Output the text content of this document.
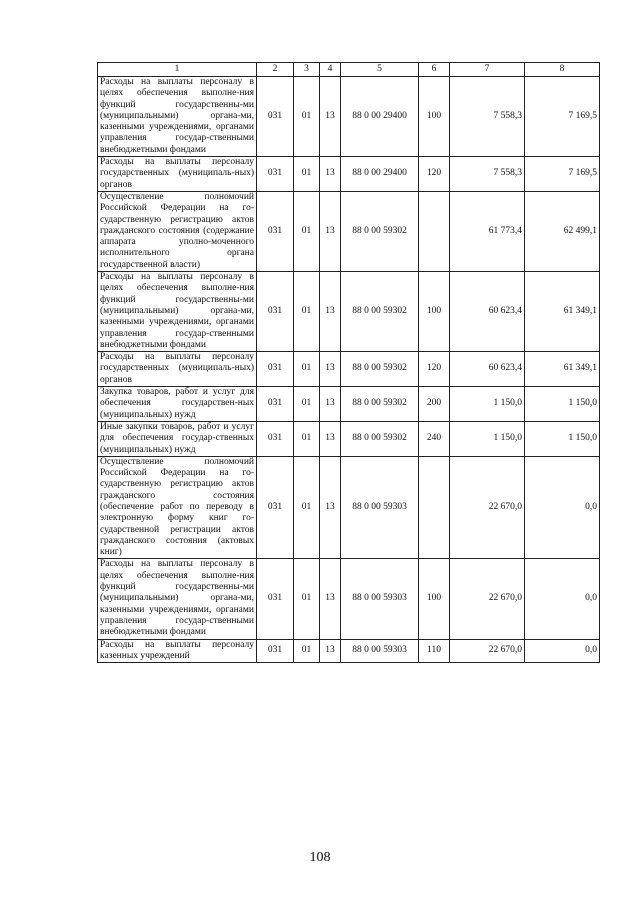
1	2	3	4	5	6	7	8
Расходы на выплаты персоналу в целях обеспечения выполне-ния функций государственны-ми (муниципальными) органа-ми, казенными учреждениями, органами управления государ-ственными внебюджетными фондами	031	01	13	88 0 00 29400	100	7 558,3	7 169,5
Расходы на выплаты персоналу государственных (муниципаль-ных) органов	031	01	13	88 0 00 29400	120	7 558,3	7 169,5
Осуществление полномочий Российской Федерации на го-сударственную регистрацию актов гражданского состояния (содержание аппарата уполно-моченного исполнительного органа государственной власти)	031	01	13	88 0 00 59302		61 773,4	62 499,1
Расходы на выплаты персоналу в целях обеспечения выполне-ния функций государственны-ми (муниципальными) органа-ми, казенными учреждениями, органами управления государ-ственными внебюджетными фондами	031	01	13	88 0 00 59302	100	60 623,4	61 349,1
Расходы на выплаты персоналу государственных (муниципаль-ных) органов	031	01	13	88 0 00 59302	120	60 623,4	61 349,1
Закупка товаров, работ и услуг для обеспечения государствен-ных (муниципальных) нужд	031	01	13	88 0 00 59302	200	1 150,0	1 150,0
Иные закупки товаров, работ и услуг для обеспечения государ-ственных (муниципальных) нужд	031	01	13	88 0 00 59302	240	1 150,0	1 150,0
Осуществление полномочий Российской Федерации на го-сударственную регистрацию актов гражданского состояния (обеспечение работ по переводу в электронную форму книг го-сударственной регистрации актов гражданского состояния (актовых книг)	031	01	13	88 0 00 59303		22 670,0	0,0
Расходы на выплаты персоналу в целях обеспечения выполне-ния функций государственны-ми (муниципальными) органа-ми, казенными учреждениями, органами управления государ-ственными внебюджетными фондами	031	01	13	88 0 00 59303	100	22 670,0	0,0
Расходы на выплаты персоналу казенных учреждений	031	01	13	88 0 00 59303	110	22 670,0	0,0
108
